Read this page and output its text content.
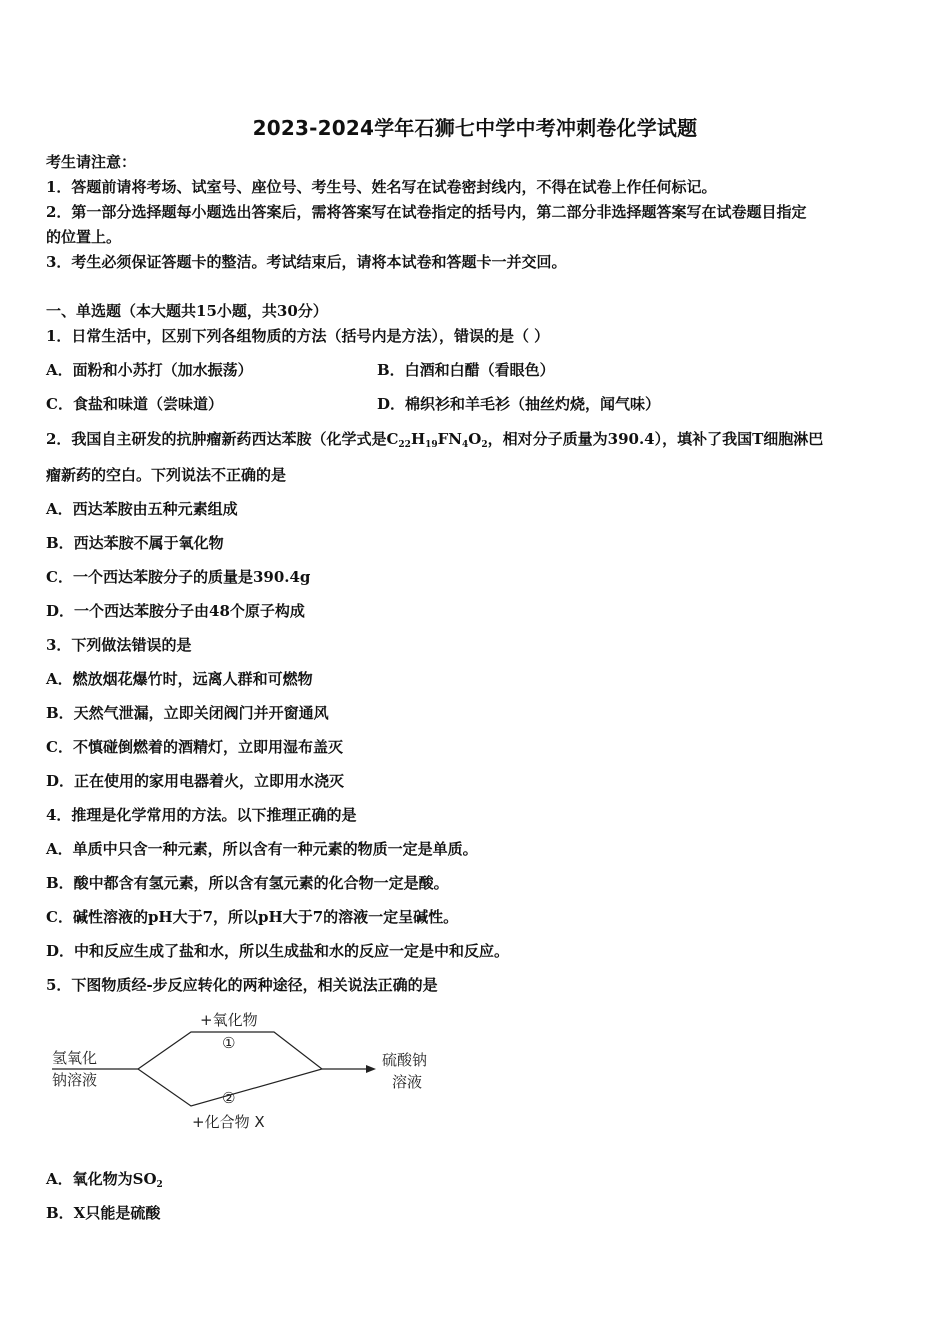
2023-2024学年石狮七中学中考冲刺卷化学试题
考生请注意：
1．答题前请将考场、试室号、座位号、考生号、姓名写在试卷密封线内，不得在试卷上作任何标记。
2．第一部分选择题每小题选出答案后，需将答案写在试卷指定的括号内，第二部分非选择题答案写在试卷题目指定
的位置上。
3．考生必须保证答题卡的整洁。考试结束后，请将本试卷和答题卡一并交回。
一、单选题（本大题共15小题，共30分）
1．日常生活中，区别下列各组物质的方法（括号内是方法），错误的是（ ）
A．面粉和小苏打（加水振荡）	B．白酒和白醋（看眼色）
C．食盐和味道（尝味道）	D．棉织衫和羊毛衫（抽丝灼烧，闻气味）
2．我国自主研发的抗肿瘤新药西达苯胺（化学式是$C_{22}H_{19}FN_4O_2$，相对分子质量为390.4），填补了我国T细胞淋巴
瘤新药的空白。下列说法不正确的是
A．西达苯胺由五种元素组成
B．西达苯胺不属于氧化物
C．一个西达苯胺分子的质量是390.4g
D．一个西达苯胺分子由48个原子构成
3．下列做法错误的是
A．燃放烟花爆竹时，远离人群和可燃物
B．天然气泄漏，立即关闭阀门并开窗通风
C．不慎碰倒燃着的酒精灯，立即用湿布盖灭
D．正在使用的家用电器着火，立即用水浇灭
4．推理是化学常用的方法。以下推理正确的是
A．单质中只含一种元素，所以含有一种元素的物质一定是单质。
B．酸中都含有氢元素，所以含有氢元素的化合物一定是酸。
C．碱性溶液的pH大于7，所以pH大于7的溶液一定呈碱性。
D．中和反应生成了盐和水，所以生成盐和水的反应一定是中和反应。
5．下图物质经-步反应转化的两种途径，相关说法正确的是
氢氧化
钠溶液
+氧化物
①
②
+化合物 X
硫酸钠
溶液
A．氧化物为$SO_2$
B．X只能是硫酸
